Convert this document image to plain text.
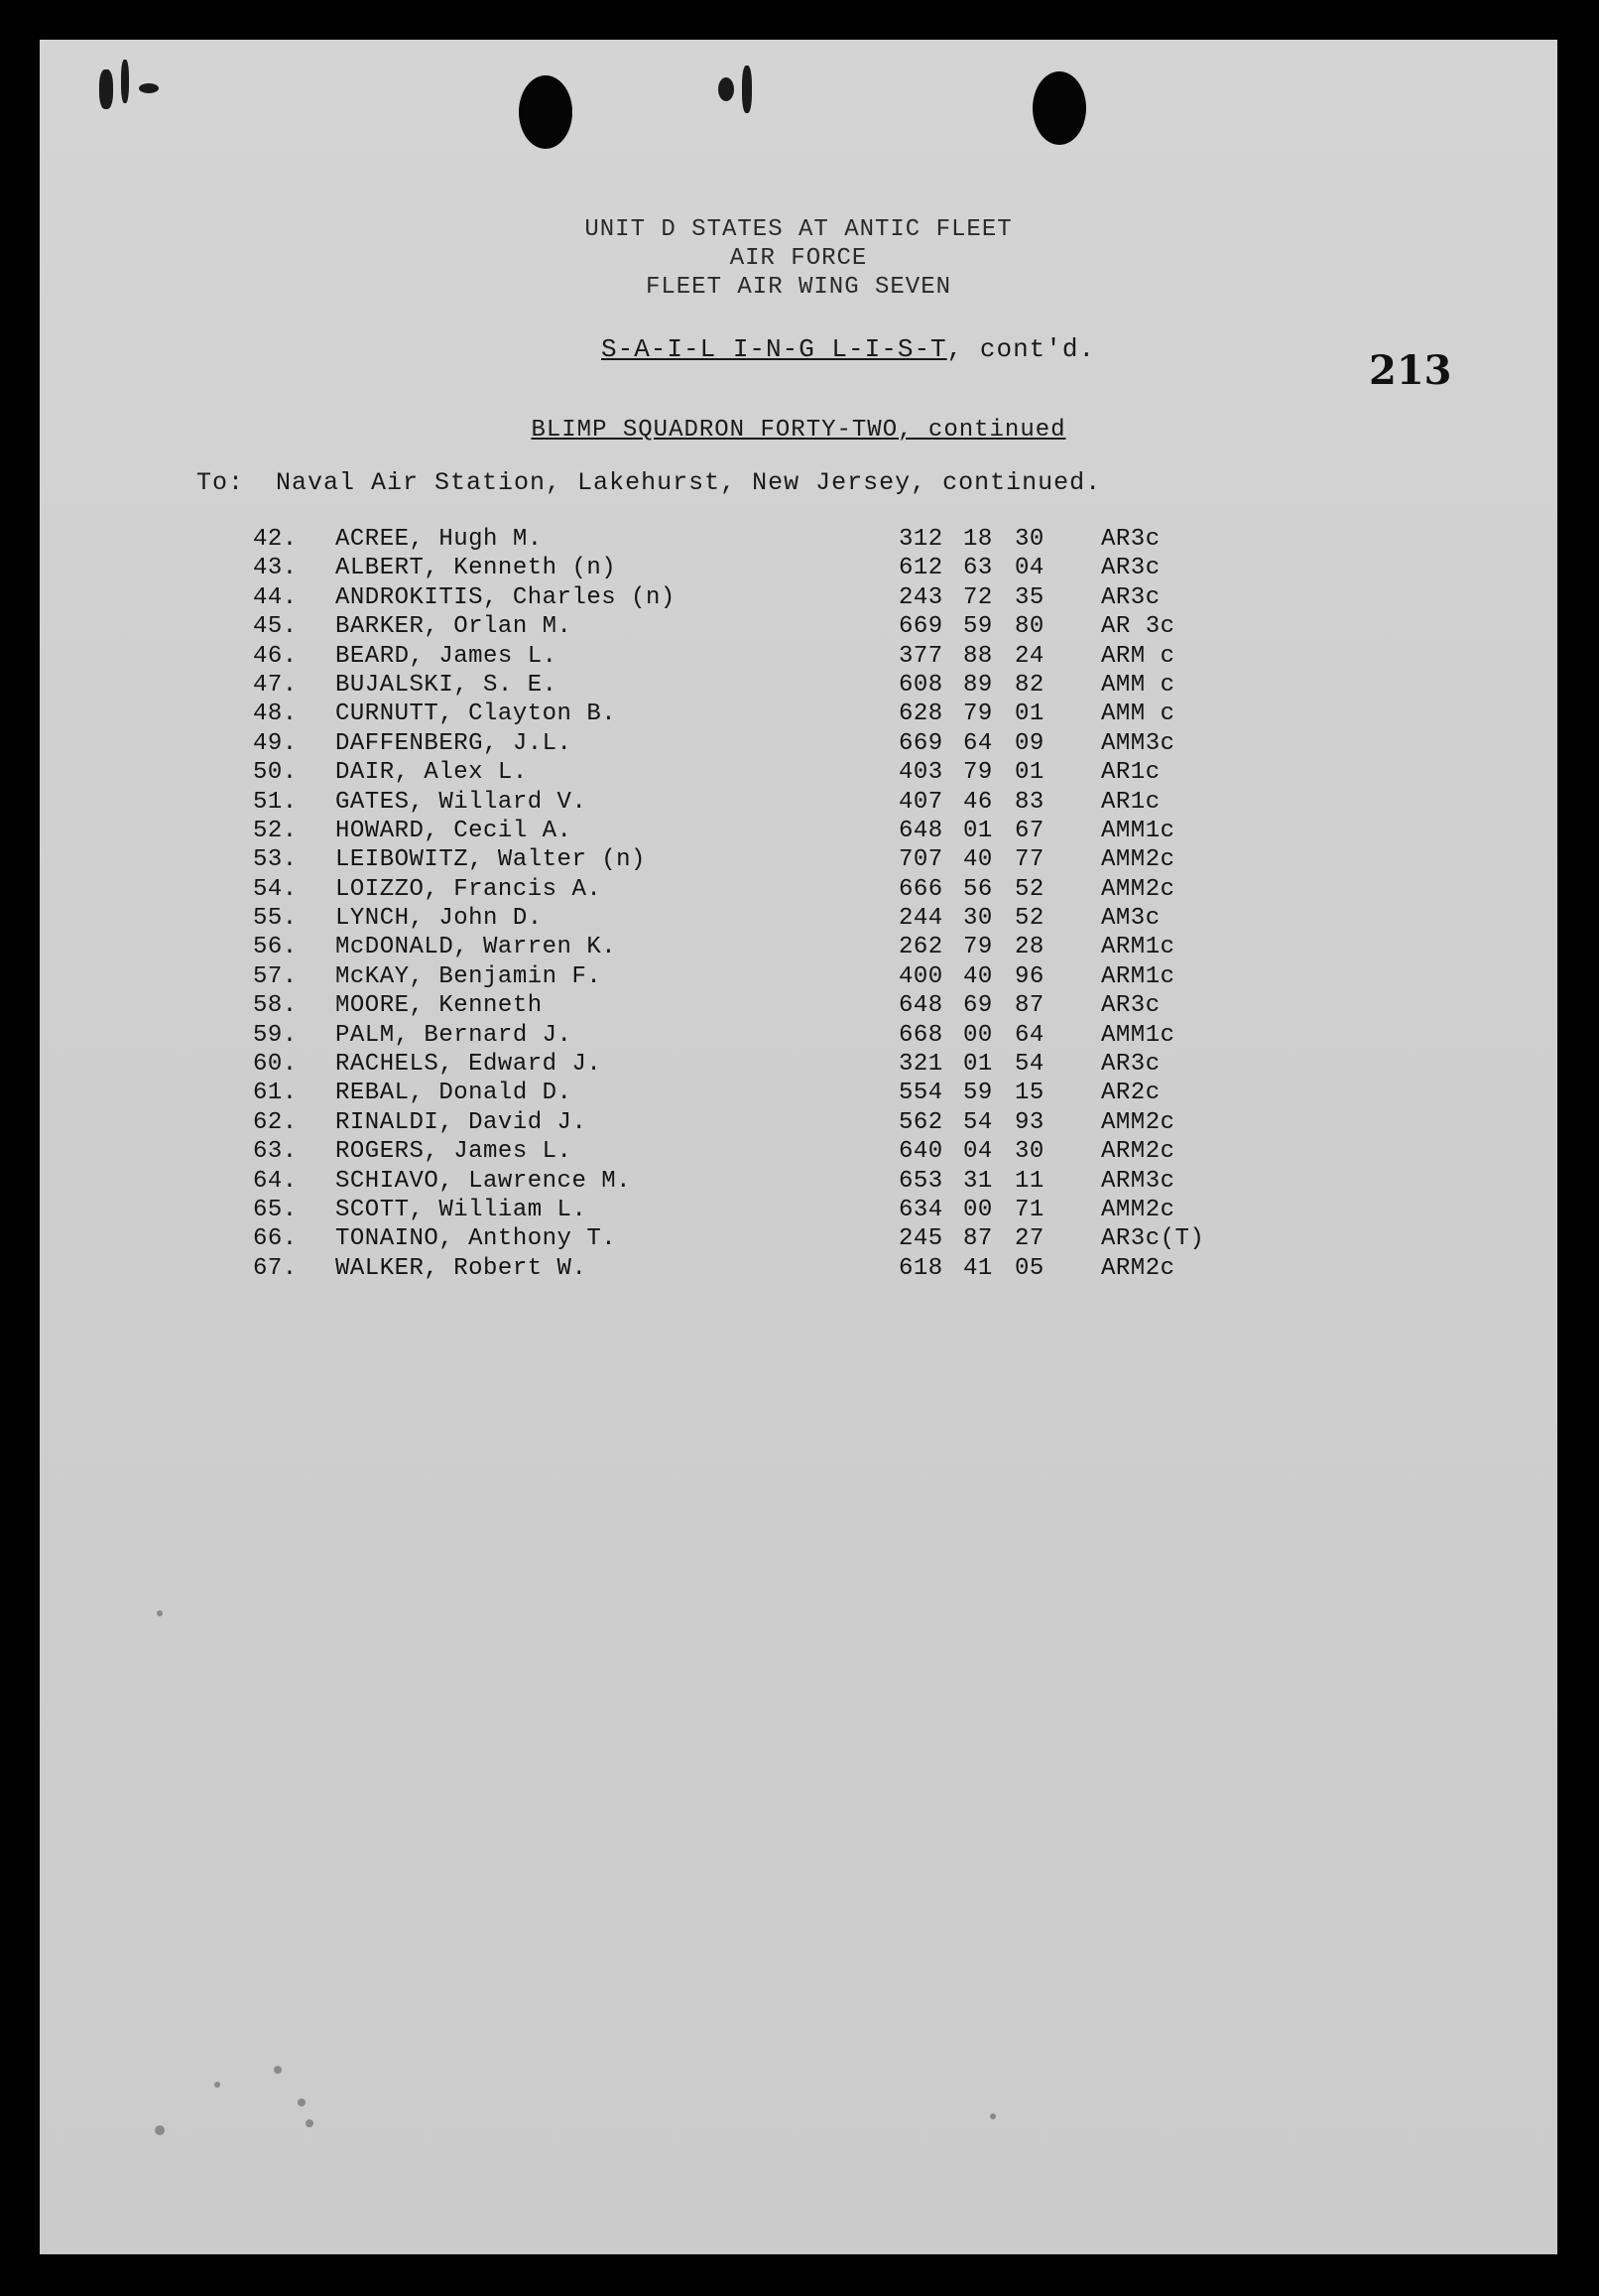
UNIT D STATES AT ANTIC FLEET
AIR FORCE
FLEET AIR WING SEVEN
S-A-I-L I-N-G L-I-S-T, cont'd.	213
BLIMP SQUADRON FORTY-TWO, continued
To:  Naval Air Station, Lakehurst, New Jersey, continued.
42. ACREE, Hugh M.	312 18 30 AR3c
43. ALBERT, Kenneth (n)	612 63 04 AR3c
44. ANDROKITIS, Charles (n)	243 72 35 AR3c
45. BARKER, Orlan M.	669 59 80 AR 3c
46. BEARD, James L.	377 88 24 ARM c
47. BUJALSKI, S. E.	608 89 82 AMM c
48. CURNUTT, Clayton B.	628 79 01 AMM c
49. DAFFENBERG, J.L.	669 64 09 AMM3c
50. DAIR, Alex L.	403 79 01 AR1c
51. GATES, Willard V.	407 46 83 AR1c
52. HOWARD, Cecil A.	648 01 67 AMM1c
53. LEIBOWITZ, Walter (n)	707 40 77 AMM2c
54. LOIZZO, Francis A.	666 56 52 AMM2c
55. LYNCH, John D.	244 30 52 AM3c
56. McDONALD, Warren K.	262 79 28 ARM1c
57. McKAY, Benjamin F.	400 40 96 ARM1c
58. MOORE, Kenneth	648 69 87 AR3c
59. PALM, Bernard J.	668 00 64 AMM1c
60. RACHELS, Edward J.	321 01 54 AR3c
61. REBAL, Donald D.	554 59 15 AR2c
62. RINALDI, David J.	562 54 93 AMM2c
63. ROGERS, James L.	640 04 30 ARM2c
64. SCHIAVO, Lawrence M.	653 31 11 ARM3c
65. SCOTT, William L.	634 00 71 AMM2c
66. TONAINO, Anthony T.	245 87 27 AR3c(T)
67. WALKER, Robert W.	618 41 05 ARM2c
